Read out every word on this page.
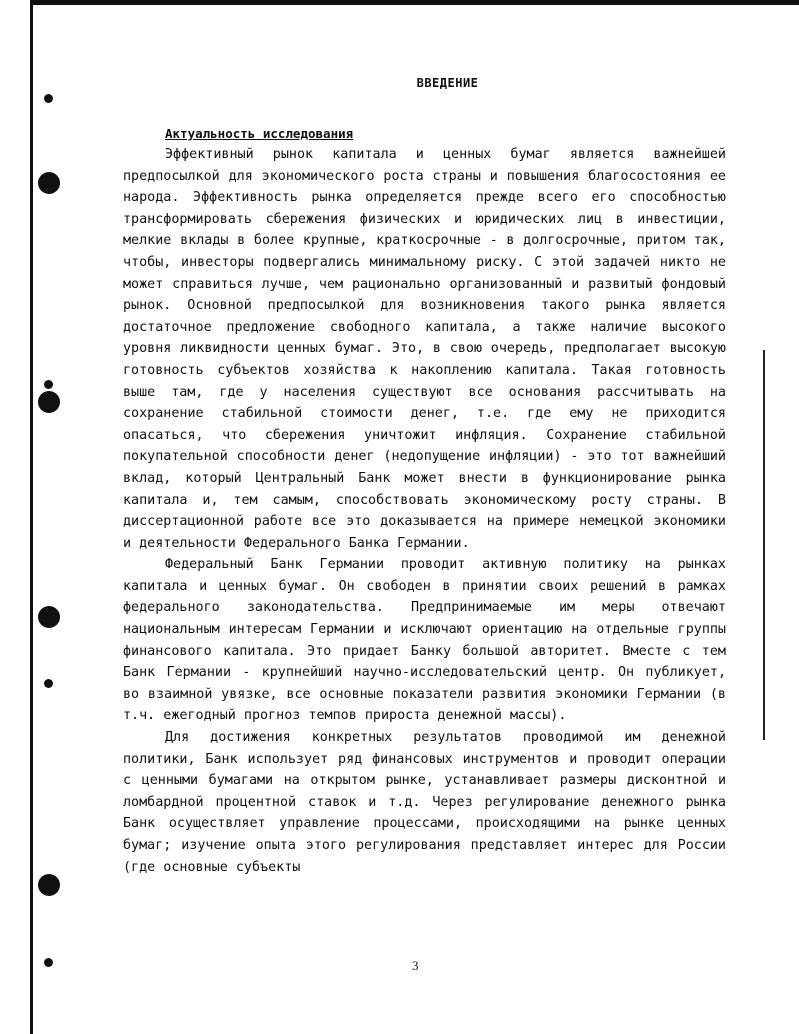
ВВЕДЕНИЕ
Актуальность исследования

Эффективный рынок капитала и ценных бумаг является важнейшей предпосылкой для экономического роста страны и повышения благосостояния ее народа. Эффективность рынка определяется прежде всего его способностью трансформировать сбережения физических и юридических лиц в инвестиции, мелкие вклады в более крупные, краткосрочные - в долгосрочные, притом так, чтобы, инвесторы подвергались минимальному риску. С этой задачей никто не может справиться лучше, чем рационально организованный и развитый фондовый рынок. Основной предпосылкой для возникновения такого рынка является достаточное предложение свободного капитала, а также наличие высокого уровня ликвидности ценных бумаг. Это, в свою очередь, предполагает высокую готовность субъектов хозяйства к накоплению капитала. Такая готовность выше там, где у населения существуют все основания рассчитывать на сохранение стабильной стоимости денег, т.е. где ему не приходится опасаться, что сбережения уничтожит инфляция. Сохранение стабильной покупательной способности денег (недопущение инфляции) - это тот важнейший вклад, который Центральный Банк может внести в функционирование рынка капитала и, тем самым, способствовать экономическому росту страны. В диссертационной работе все это доказывается на примере немецкой экономики и деятельности Федерального Банка Германии.

Федеральный Банк Германии проводит активную политику на рынках капитала и ценных бумаг. Он свободен в принятии своих решений в рамках федерального законодательства. Предпринимаемые им меры отвечают национальным интересам Германии и исключают ориентацию на отдельные группы финансового капитала. Это придает Банку большой авторитет. Вместе с тем Банк Германии - крупнейший научно-исследовательский центр. Он публикует, во взаимной увязке, все основные показатели развития экономики Германии (в т.ч. ежегодный прогноз темпов прироста денежной массы).

Для достижения конкретных результатов проводимой им денежной политики, Банк использует ряд финансовых инструментов и проводит операции с ценными бумагами на открытом рынке, устанавливает размеры дисконтной и ломбардной процентной ставок и т.д. Через регулирование денежного рынка Банк осуществляет управление процессами, происходящими на рынке ценных бумаг; изучение опыта этого регулирования представляет интерес для России (где основные субъекты

3
